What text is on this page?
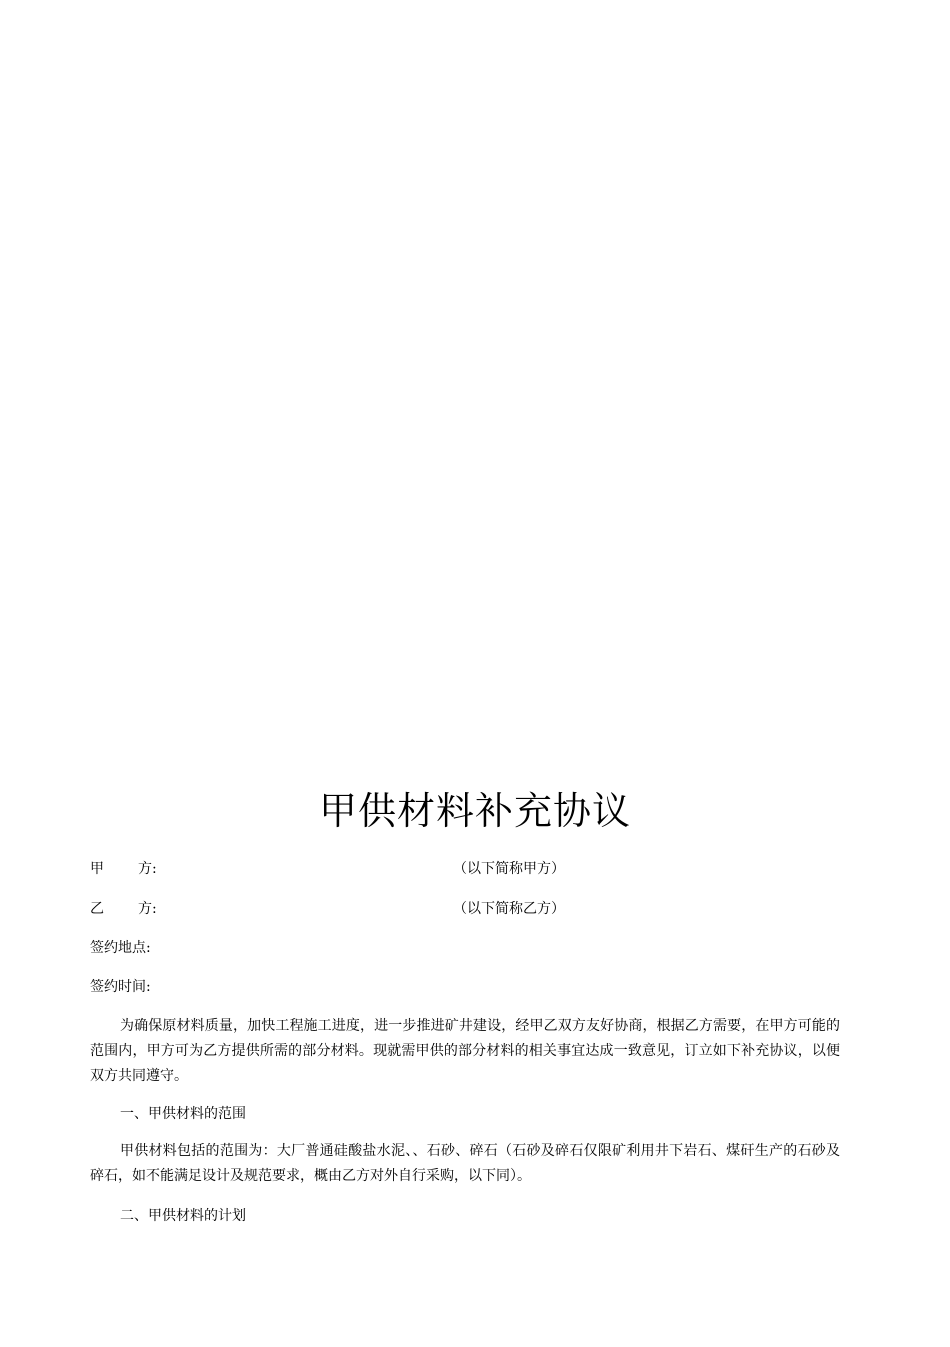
甲供材料补充协议
甲 方:	（以下简称甲方）
乙 方:	（以下简称乙方）
签约地点:
签约时间:

为确保原材料质量，加快工程施工进度，进一步推进矿井建设，经甲乙双方友好协商，根据乙方需要，在甲方可能的范围内，甲方可为乙方提供所需的部分材料。现就需甲供的部分材料的相关事宜达成一致意见，订立如下补充协议，以便双方共同遵守。

一、甲供材料的范围

甲供材料包括的范围为：大厂普通硅酸盐水泥、、石砂、碎石（石砂及碎石仅限矿利用井下岩石、煤矸生产的石砂及碎石，如不能满足设计及规范要求，概由乙方对外自行采购，以下同）。

二、甲供材料的计划
